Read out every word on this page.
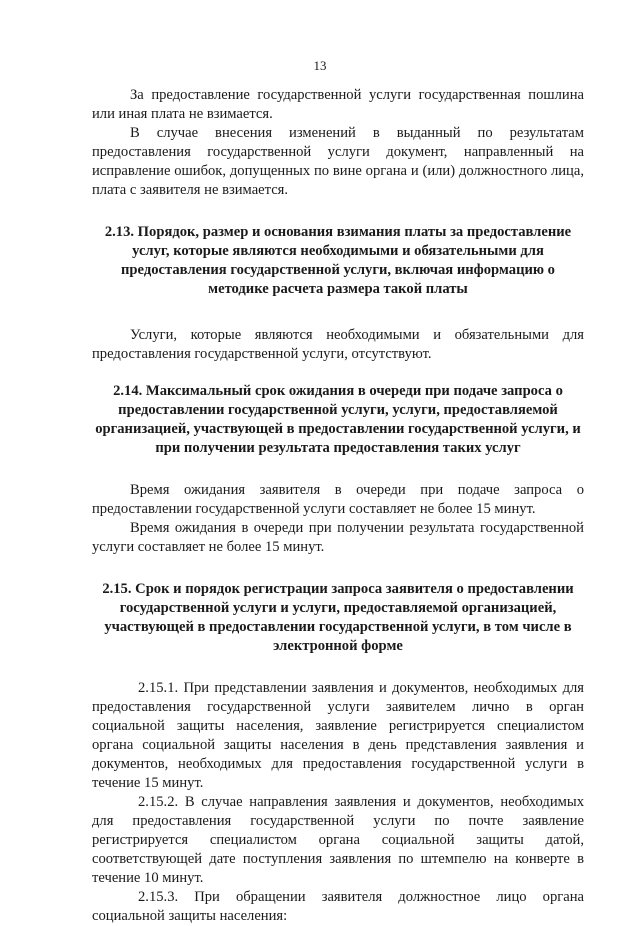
13

За предоставление государственной услуги государственная пошлина или иная плата не взимается.

В случае внесения изменений в выданный по результатам предоставления государственной услуги документ, направленный на исправление ошибок, допущенных по вине органа и (или) должностного лица, плата с заявителя не взимается.

2.13. Порядок, размер и основания взимания платы за предоставление услуг, которые являются необходимыми и обязательными для предоставления государственной услуги, включая информацию о методике расчета размера такой платы

Услуги, которые являются необходимыми и обязательными для предоставления государственной услуги, отсутствуют.

2.14. Максимальный срок ожидания в очереди при подаче запроса о предоставлении государственной услуги, услуги, предоставляемой организацией, участвующей в предоставлении государственной услуги, и при получении результата предоставления таких услуг

Время ожидания заявителя в очереди при подаче запроса о предоставлении государственной услуги составляет не более 15 минут.

Время ожидания в очереди при получении результата государственной услуги составляет не более 15 минут.

2.15. Срок и порядок регистрации запроса заявителя о предоставлении государственной услуги и услуги, предоставляемой организацией, участвующей в предоставлении государственной услуги, в том числе в электронной форме

2.15.1. При представлении заявления и документов, необходимых для предоставления государственной услуги заявителем лично в орган социальной защиты населения, заявление регистрируется специалистом органа социальной защиты населения в день представления заявления и документов, необходимых для предоставления государственной услуги в течение 15 минут.

2.15.2. В случае направления заявления и документов, необходимых для предоставления государственной услуги по почте заявление регистрируется специалистом органа социальной защиты датой, соответствующей дате поступления заявления по штемпелю на конверте в течение 10 минут.

2.15.3. При обращении заявителя должностное лицо органа социальной защиты населения:
